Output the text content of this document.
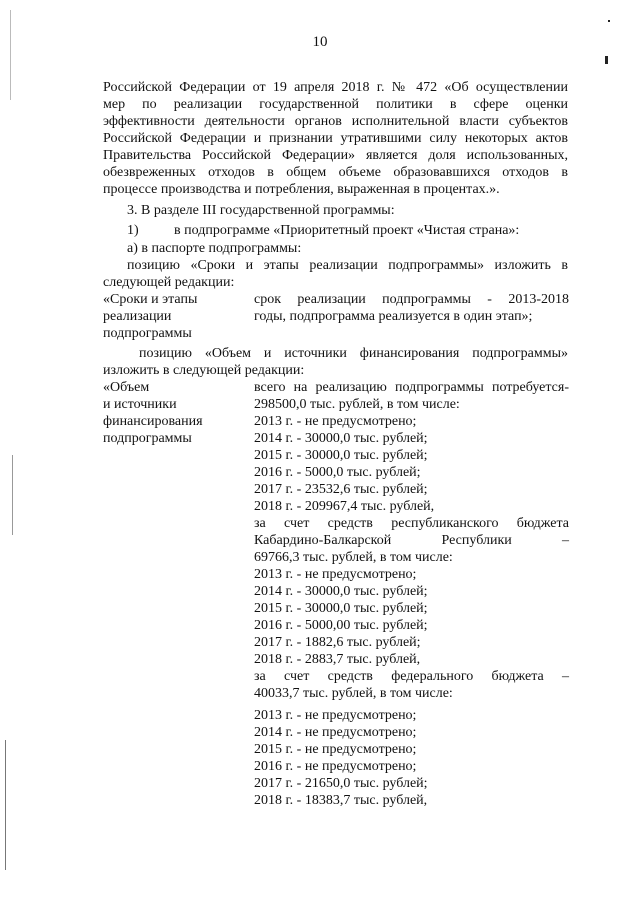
10
Российской Федерации от 19 апреля 2018 г. № 472 «Об осуществлении
мер по реализации государственной политики в сфере оценки
эффективности деятельности органов исполнительной власти субъектов
Российской Федерации и признании утратившими силу некоторых актов
Правительства Российской Федерации» является доля использованных,
обезвреженных отходов в общем объеме образовавшихся отходов в
процессе производства и потребления, выраженная в процентах.».
3. В разделе III государственной программы:
1)	в подпрограмме «Приоритетный проект «Чистая страна»:
а) в паспорте подпрограммы:
позицию «Сроки и этапы реализации подпрограммы» изложить в
следующей редакции:
«Сроки и этапы
реализации
подпрограммы
срок реализации подпрограммы - 2013-2018
годы, подпрограмма реализуется в один этап»;
позицию «Объем и источники финансирования подпрограммы»
изложить в следующей редакции:
«Объем
и источники
финансирования
подпрограммы
всего на реализацию подпрограммы потребуется-
298500,0 тыс. рублей, в том числе:
2013 г. - не предусмотрено;
2014 г. - 30000,0 тыс. рублей;
2015 г. - 30000,0 тыс. рублей;
2016 г. - 5000,0 тыс. рублей;
2017 г. - 23532,6 тыс. рублей;
2018 г. - 209967,4 тыс. рублей,
за счет средств республиканского бюджета
Кабардино-Балкарской Республики –
69766,3 тыс. рублей, в том числе:
2013 г. - не предусмотрено;
2014 г. - 30000,0 тыс. рублей;
2015 г. - 30000,0 тыс. рублей;
2016 г. - 5000,00 тыс. рублей;
2017 г. - 1882,6 тыс. рублей;
2018 г. - 2883,7 тыс. рублей,
за счет средств федерального бюджета –
40033,7 тыс. рублей, в том числе:
2013 г. - не предусмотрено;
2014 г. - не предусмотрено;
2015 г. - не предусмотрено;
2016 г. - не предусмотрено;
2017 г. - 21650,0 тыс. рублей;
2018 г. - 18383,7 тыс. рублей,
